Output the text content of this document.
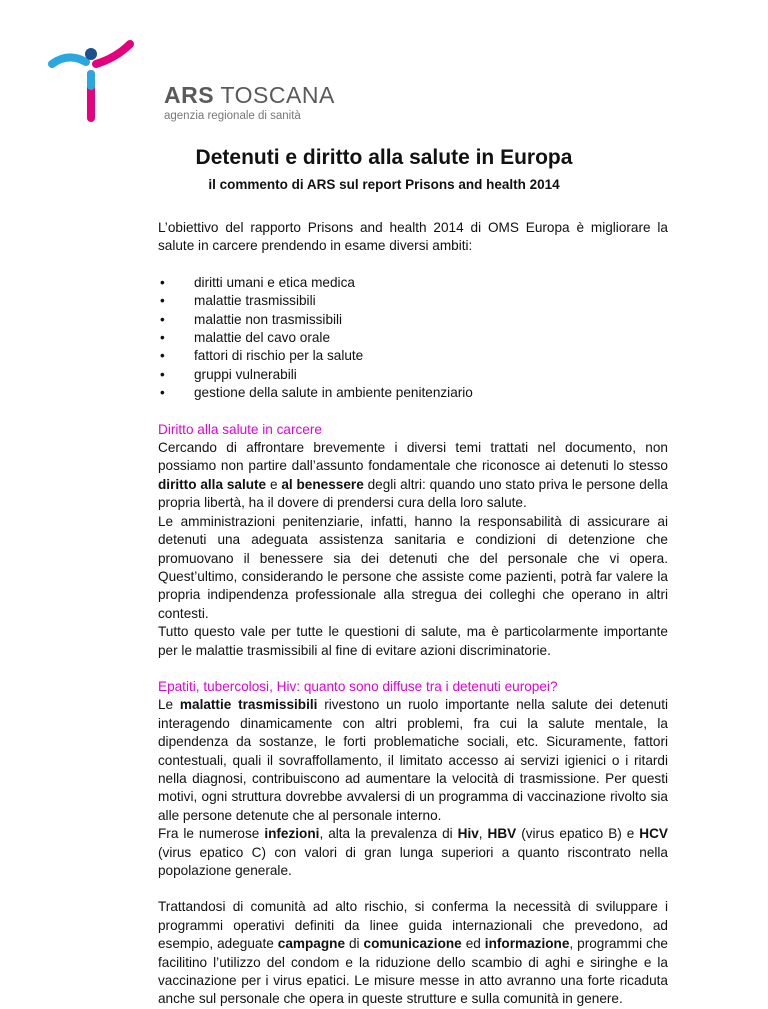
ARS TOSCANA
agenzia regionale di sanità
Detenuti e diritto alla salute in Europa
il commento di ARS sul report Prisons and health 2014

L’obiettivo del rapporto Prisons and health 2014 di OMS Europa è migliorare la salute in carcere prendendo in esame diversi ambiti:

• diritti umani e etica medica
• malattie trasmissibili
• malattie non trasmissibili
• malattie del cavo orale
• fattori di rischio per la salute
• gruppi vulnerabili
• gestione della salute in ambiente penitenziario
Diritto alla salute in carcere

Cercando di affrontare brevemente i diversi temi trattati nel documento, non possiamo non partire dall’assunto fondamentale che riconosce ai detenuti lo stesso diritto alla salute e al benessere degli altri: quando uno stato priva le persone della propria libertà, ha il dovere di prendersi cura della loro salute.

Le amministrazioni penitenziarie, infatti, hanno la responsabilità di assicurare ai detenuti una adeguata assistenza sanitaria e condizioni di detenzione che promuovano il benessere sia dei detenuti che del personale che vi opera. Quest’ultimo, considerando le persone che assiste come pazienti, potrà far valere la propria indipendenza professionale alla stregua dei colleghi che operano in altri contesti.

Tutto questo vale per tutte le questioni di salute, ma è particolarmente importante per le malattie trasmissibili al fine di evitare azioni discriminatorie.

Epatiti, tubercolosi, Hiv: quanto sono diffuse tra i detenuti europei?

Le malattie trasmissibili rivestono un ruolo importante nella salute dei detenuti interagendo dinamicamente con altri problemi, fra cui la salute mentale, la dipendenza da sostanze, le forti problematiche sociali, etc. Sicuramente, fattori contestuali, quali il sovraffollamento, il limitato accesso ai servizi igienici o i ritardi nella diagnosi, contribuiscono ad aumentare la velocità di trasmissione. Per questi motivi, ogni struttura dovrebbe avvalersi di un programma di vaccinazione rivolto sia alle persone detenute che al personale interno.

Fra le numerose infezioni, alta la prevalenza di Hiv, HBV (virus epatico B) e HCV (virus epatico C) con valori di gran lunga superiori a quanto riscontrato nella popolazione generale.

Trattandosi di comunità ad alto rischio, si conferma la necessità di sviluppare i programmi operativi definiti da linee guida internazionali che prevedono, ad esempio, adeguate campagne di comunicazione ed informazione, programmi che facilitino l’utilizzo del condom e la riduzione dello scambio di aghi e siringhe e la vaccinazione per i virus epatici. Le misure messe in atto avranno una forte ricaduta anche sul personale che opera in queste strutture e sulla comunità in genere.
